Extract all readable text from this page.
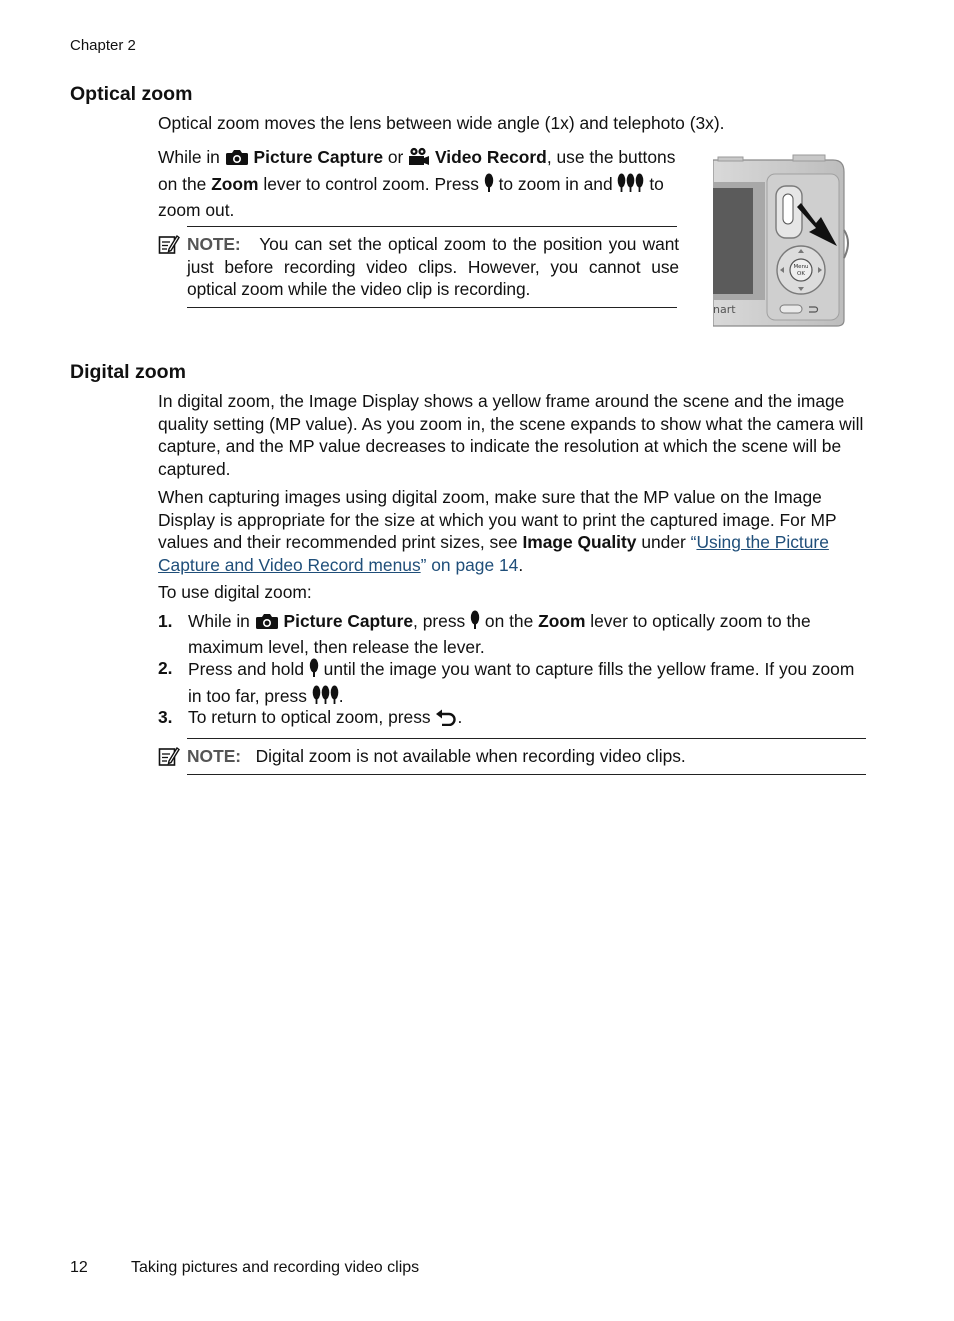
Chapter 2
Optical zoom

Optical zoom moves the lens between wide angle (1x) and telephoto (3x).

While in  Picture Capture or  Video Record, use the buttons on the Zoom lever to control zoom. Press  to zoom in and  to zoom out.

NOTE: You can set the optical zoom to the position you want just before recording video clips. However, you cannot use optical zoom while the video clip is recording.

Menu
OK
nart
Digital zoom

In digital zoom, the Image Display shows a yellow frame around the scene and the image quality setting (MP value). As you zoom in, the scene expands to show what the camera will capture, and the MP value decreases to indicate the resolution at which the scene will be captured.

When capturing images using digital zoom, make sure that the MP value on the Image Display is appropriate for the size at which you want to print the captured image. For MP values and their recommended print sizes, see Image Quality under “Using the Picture Capture and Video Record menus” on page 14.

To use digital zoom:

1. While in  Picture Capture, press  on the Zoom lever to optically zoom to the maximum level, then release the lever.

2. Press and hold  until the image you want to capture fills the yellow frame. If you zoom in too far, press .

3. To return to optical zoom, press .

NOTE: Digital zoom is not available when recording video clips.

12	Taking pictures and recording video clips
